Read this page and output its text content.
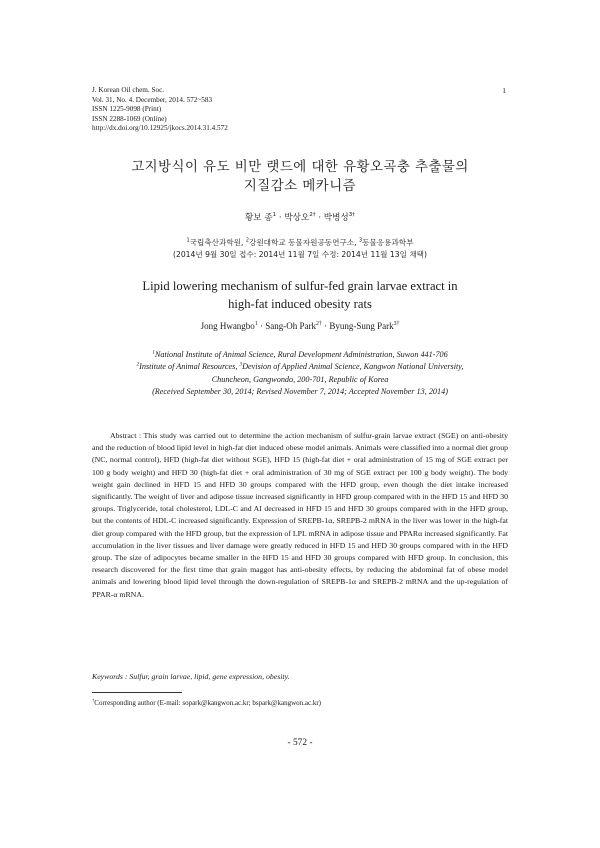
J. Korean Oil chem. Soc.
Vol. 31, No. 4. December, 2014. 572~583
ISSN 1225-9098 (Print)
ISSN 2288-1069 (Online)
http://dx.doi.org/10.12925/jkocs.2014.31.4.572
1
고지방식이 유도 비만 랫드에 대한 유황오곡충 추출물의
지질감소 메카니즘
황보 종$^1$ · 박상오$^{2\dagger}$ · 박병성$^{3\dagger}$
$^1$국립축산과학원, $^2$강원대학교 동물자원공동연구소, $^3$동물응용과학부
(2014년 9월 30일 접수: 2014년 11월 7일 수정: 2014년 11월 13일 채택)
Lipid lowering mechanism of sulfur-fed grain larvae extract in
high-fat induced obesity rats
Jong Hwangbo$^1$ · Sang-Oh Park$^{2\dagger}$ · Byung-Sung Park$^{3\dagger}$
$^1$National Institute of Animal Science, Rural Development Administration, Suwon 441-706
$^2$Institute of Animal Resources, $^3$Devision of Applied Animal Science, Kangwon National University,
Chuncheon, Gangwondo, 200-701, Republic of Korea
(Received September 30, 2014; Revised November 7, 2014; Accepted November 13, 2014)
Abstract : This study was carried out to determine the action mechanism of sulfur-grain larvae extract (SGE) on anti-obesity and the reduction of blood lipid level in high-fat diet induced obese model animals. Animals were classified into a normal diet group (NC, normal control), HFD (high-fat diet without SGE), HFD 15 (high-fat diet + oral administration of 15 mg of SGE extract per 100 g body weight) and HFD 30 (high-fat diet + oral administration of 30 mg of SGE extract per 100 g body weight). The body weight gain declined in HFD 15 and HFD 30 groups compared with the HFD group, even though the diet intake increased significantly. The weight of liver and adipose tissue increased significantly in HFD group compared with in the HFD 15 and HFD 30 groups. Triglyceride, total cholesterol, LDL-C and AI decreased in HFD 15 and HFD 30 groups compared with in the HFD group, but the contents of HDL-C increased significantly. Expression of SREPB-1α, SREPB-2 mRNA in the liver was lower in the high-fat diet group compared with the HFD group, but the expression of LPL mRNA in adipose tissue and PPARα increased significantly. Fat accumulation in the liver tissues and liver damage were greatly reduced in HFD 15 and HFD 30 groups compared with in the HFD group. The size of adipocytes became smaller in the HFD 15 and HFD 30 groups compared with HFD group. In conclusion, this research discovered for the first time that grain maggot has anti-obesity effects, by reducing the abdominal fat of obese model animals and lowering blood lipid level through the down-regulation of SREPB-1α and SREPB-2 mRNA and the up-regulation of PPAR-α mRNA.
Keywords : Sulfur, grain larvae, lipid, gene expression, obesity.
†Corresponding author (E-mail: sopark@kangwon.ac.kr; bspark@kangwon.ac.kr)
- 572 -
